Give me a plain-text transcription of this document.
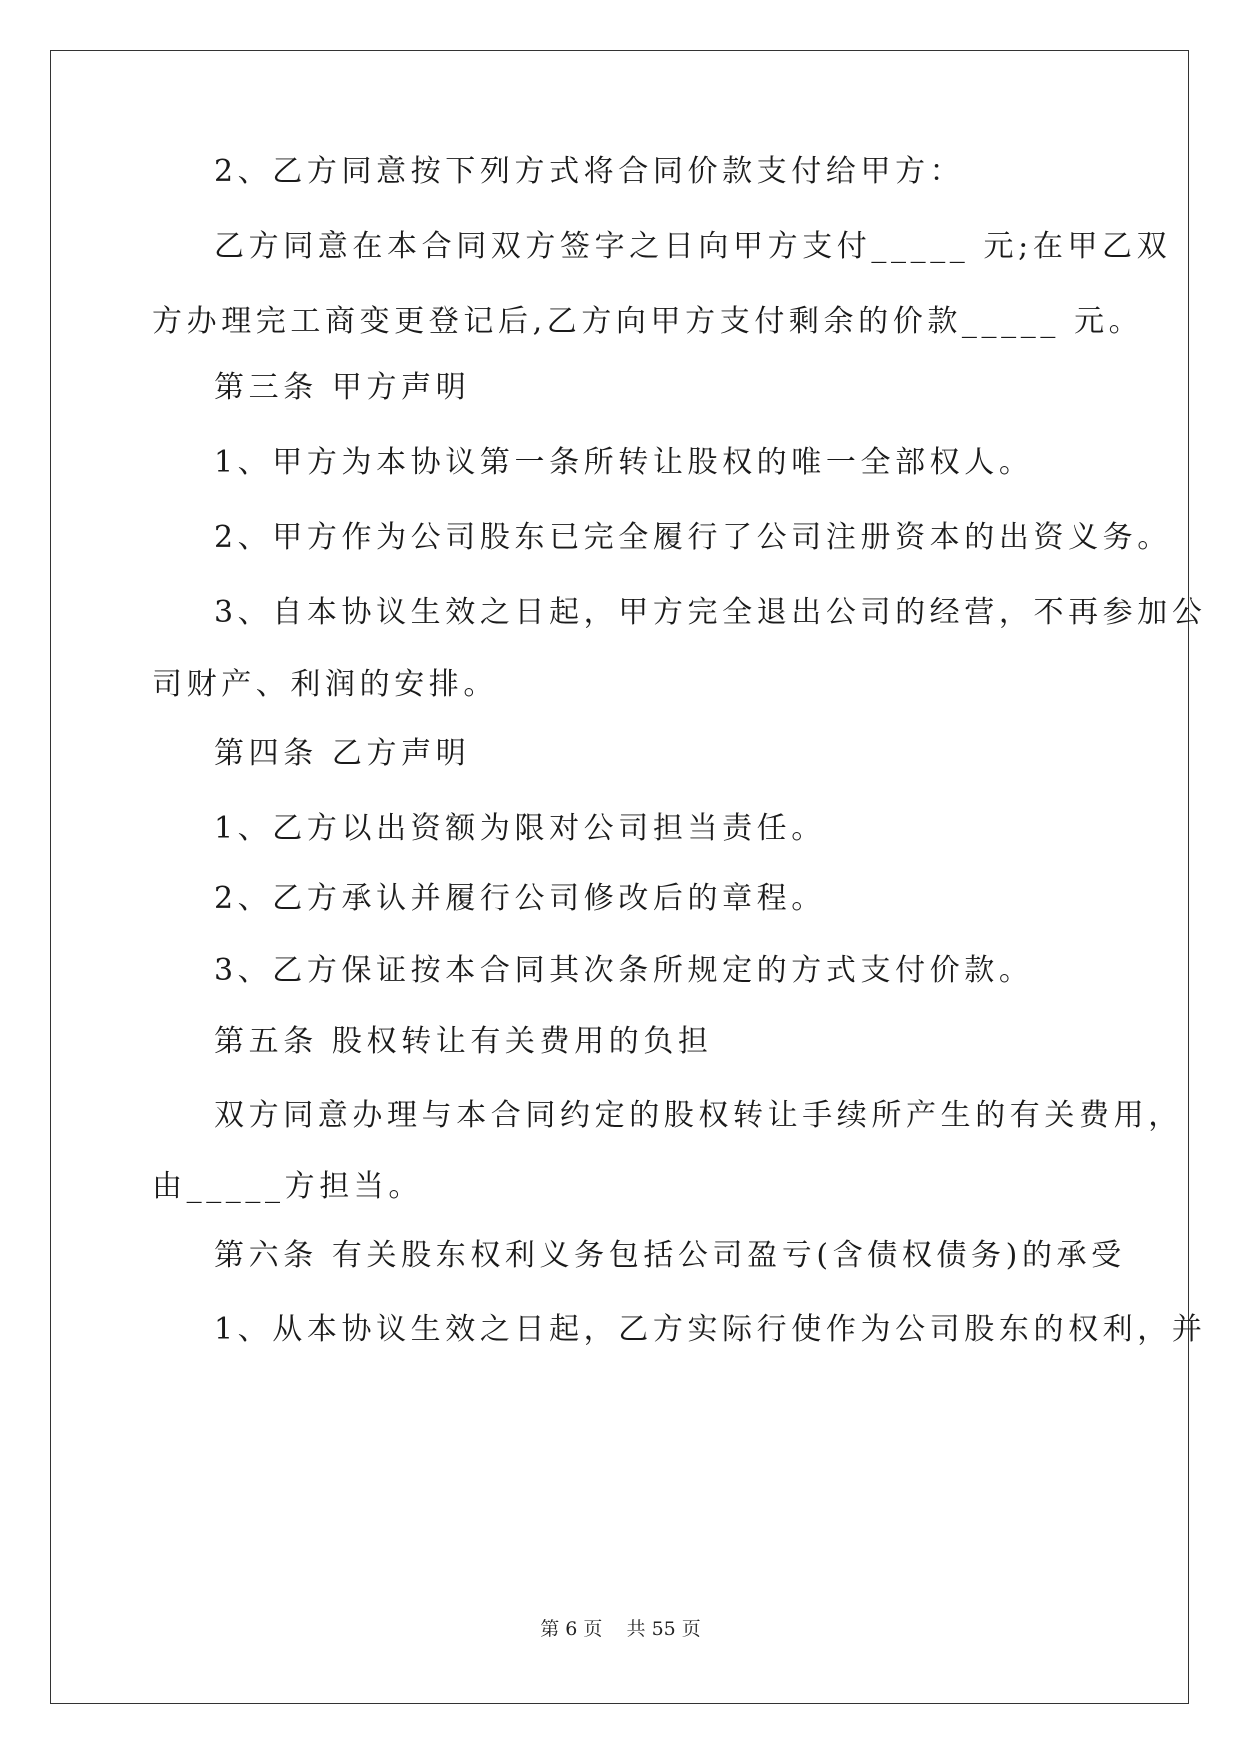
2、乙方同意按下列方式将合同价款支付给甲方：
乙方同意在本合同双方签字之日向甲方支付_____ 元;在甲乙双
方办理完工商变更登记后,乙方向甲方支付剩余的价款_____ 元。
第三条 甲方声明
1、甲方为本协议第一条所转让股权的唯一全部权人。
2、甲方作为公司股东已完全履行了公司注册资本的出资义务。
3、自本协议生效之日起，甲方完全退出公司的经营，不再参加公
司财产、利润的安排。
第四条 乙方声明
1、乙方以出资额为限对公司担当责任。
2、乙方承认并履行公司修改后的章程。
3、乙方保证按本合同其次条所规定的方式支付价款。
第五条 股权转让有关费用的负担
双方同意办理与本合同约定的股权转让手续所产生的有关费用，
由_____方担当。
第六条 有关股东权利义务包括公司盈亏(含债权债务)的承受
1、从本协议生效之日起，乙方实际行使作为公司股东的权利，并
第 6 页 共 55 页
